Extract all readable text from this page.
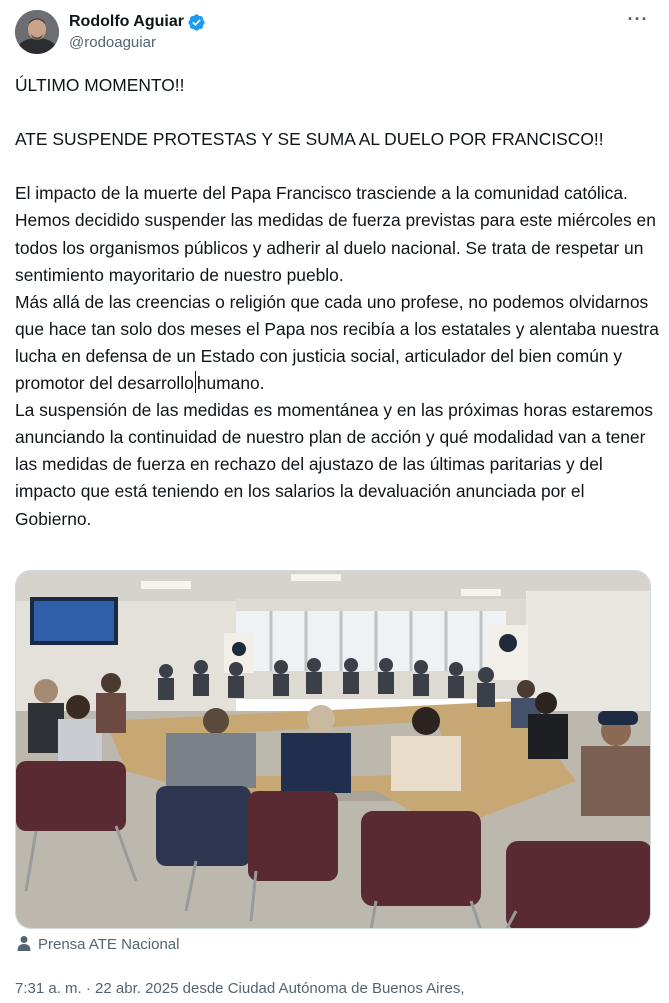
Rodolfo Aguiar
@rodoaguiar
···

ÚLTIMO MOMENTO!!

ATE SUSPENDE PROTESTAS Y SE SUMA AL DUELO POR FRANCISCO!!

El impacto de la muerte del Papa Francisco trasciende a la comunidad católica. Hemos decidido suspender las medidas de fuerza previstas para este miércoles en todos los organismos públicos y adherir al duelo nacional. Se trata de respetar un sentimiento mayoritario de nuestro pueblo.

Más allá de las creencias o religión que cada uno profese, no podemos olvidarnos que hace tan solo dos meses el Papa nos recibía a los estatales y alentaba nuestra lucha en defensa de un Estado con justicia social, articulador del bien común y promotor del desarrollo humano.

La suspensión de las medidas es momentánea y en las próximas horas estaremos anunciando la continuidad de nuestro plan de acción y qué modalidad van a tener las medidas de fuerza en rechazo del ajustazo de las últimas paritarias y del impacto que está teniendo en los salarios la devaluación anunciada por el Gobierno.

Prensa ATE Nacional
7:31 a. m. · 22 abr. 2025 desde Ciudad Autónoma de Buenos Aires,
